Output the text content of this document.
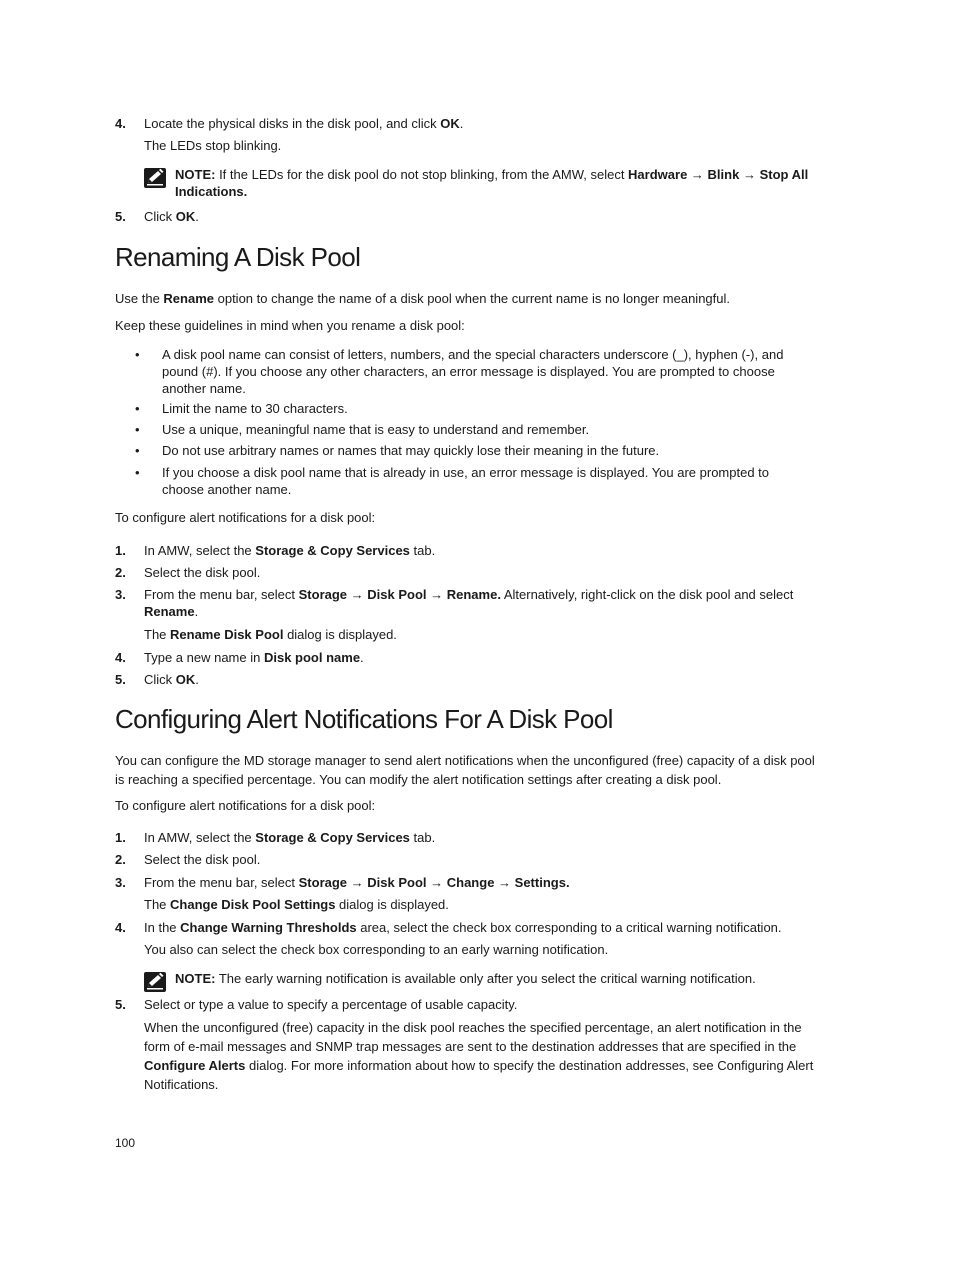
4. Locate the physical disks in the disk pool, and click OK.
The LEDs stop blinking.
NOTE: If the LEDs for the disk pool do not stop blinking, from the AMW, select Hardware → Blink → Stop All Indications.
5. Click OK.
Renaming A Disk Pool
Use the Rename option to change the name of a disk pool when the current name is no longer meaningful.
Keep these guidelines in mind when you rename a disk pool:
• A disk pool name can consist of letters, numbers, and the special characters underscore (_), hyphen (-), and pound (#). If you choose any other characters, an error message is displayed. You are prompted to choose another name.
• Limit the name to 30 characters.
• Use a unique, meaningful name that is easy to understand and remember.
• Do not use arbitrary names or names that may quickly lose their meaning in the future.
• If you choose a disk pool name that is already in use, an error message is displayed. You are prompted to choose another name.
To configure alert notifications for a disk pool:
1. In AMW, select the Storage & Copy Services tab.
2. Select the disk pool.
3. From the menu bar, select Storage → Disk Pool → Rename. Alternatively, right-click on the disk pool and select Rename.
The Rename Disk Pool dialog is displayed.
4. Type a new name in Disk pool name.
5. Click OK.
Configuring Alert Notifications For A Disk Pool
You can configure the MD storage manager to send alert notifications when the unconfigured (free) capacity of a disk pool is reaching a specified percentage. You can modify the alert notification settings after creating a disk pool.
To configure alert notifications for a disk pool:
1. In AMW, select the Storage & Copy Services tab.
2. Select the disk pool.
3. From the menu bar, select Storage → Disk Pool → Change → Settings.
The Change Disk Pool Settings dialog is displayed.
4. In the Change Warning Thresholds area, select the check box corresponding to a critical warning notification.
You also can select the check box corresponding to an early warning notification.
NOTE: The early warning notification is available only after you select the critical warning notification.
5. Select or type a value to specify a percentage of usable capacity.
When the unconfigured (free) capacity in the disk pool reaches the specified percentage, an alert notification in the form of e-mail messages and SNMP trap messages are sent to the destination addresses that are specified in the Configure Alerts dialog. For more information about how to specify the destination addresses, see Configuring Alert Notifications.
100
